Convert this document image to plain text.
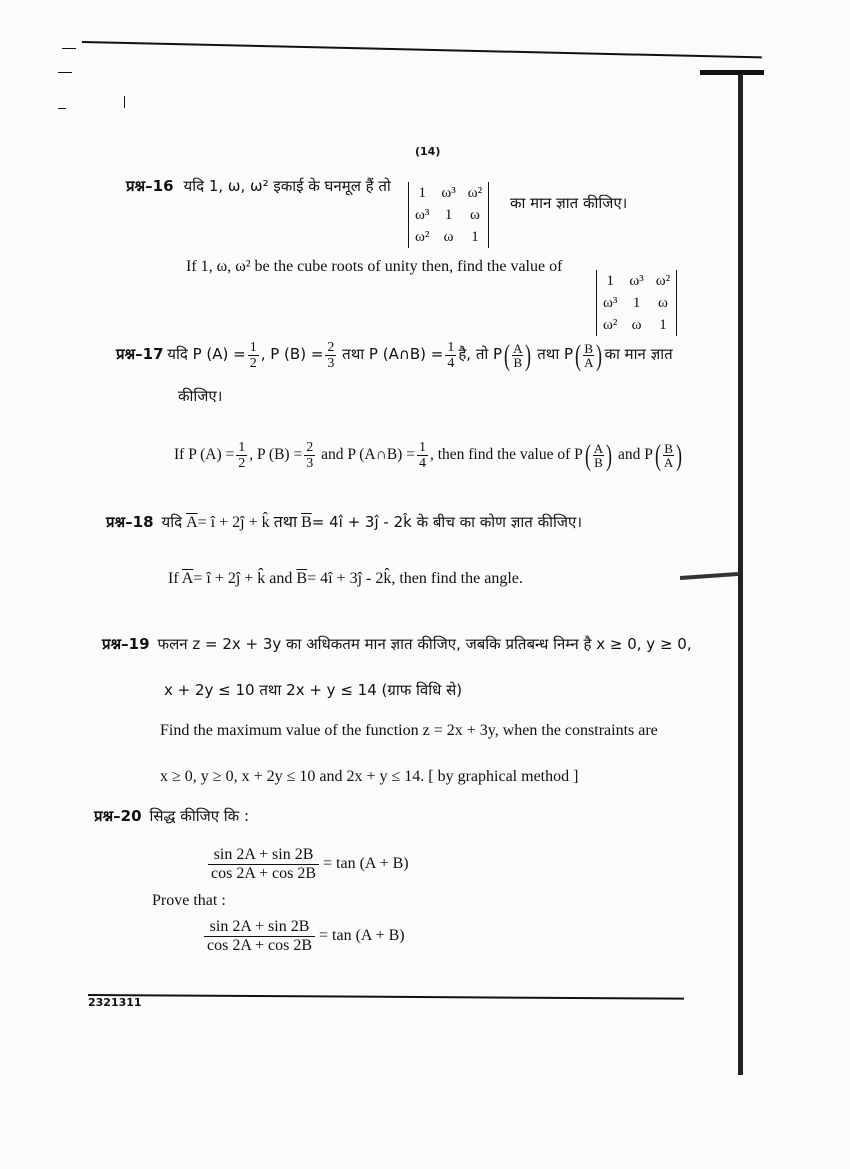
(14)
प्रश्न–16 यदि 1, ω, ω² इकाई के घनमूल हैं तो 1	ω³	ω²
ω³	1	ω
ω²	ω	1
का मान ज्ञात कीजिए।
If 1, ω, ω² be the cube roots of unity then, find the value of
1	ω³	ω²
ω³	1	ω
ω²	ω	1
प्रश्न–17 यदि P $(A) = \frac{1}{2}$ , P $(B) = \frac{2}{3}$ तथा P (A∩B) = $\frac{1}{4}$ है, तो $P( \frac{A}{B}$ ) तथा $P( \frac{B}{A}$ ) का मान ज्ञात
कीजिए।
If P $(A) = \frac{1}{2}$ , P $(B) = \frac{2}{3}$ and P (A∩B) = $\frac{1}{4}$ , then find the value of $P( \frac{A}{B}$ ) and $P( \frac{B}{A}$ )
प्रश्न–18 यदि $\overline{A}=$ î + 2ĵ + k̂ तथा $\overline{B}=$ 4î + 3ĵ - 2k̂ के बीच का कोण ज्ञात कीजिए।
If $\overline{A}=$ î + 2ĵ + k̂ and $\overline{B}=$ 4î + 3ĵ - 2k̂, then find the angle.
प्रश्न–19 फलन z = 2x + 3y का अधिकतम मान ज्ञात कीजिए, जबकि प्रतिबन्ध निम्न है x ≥ 0, y ≥ 0,
x + 2y ≤ 10 तथा 2x + y ≤ 14 (ग्राफ विधि से)
Find the maximum value of the function z = 2x + 3y, when the constraints are
x ≥ 0, y ≥ 0, x + 2y ≤ 10 and 2x + y ≤ 14. [ by graphical method ]
प्रश्न–20 सिद्ध कीजिए कि :
$\frac{\sin 2A + \sin 2B}{\cos 2A + \cos 2B} = \tan (A + B)$
Prove that :
$\frac{\sin 2A + \sin 2B}{\cos 2A + \cos 2B} = \tan (A + B)$
2321311
